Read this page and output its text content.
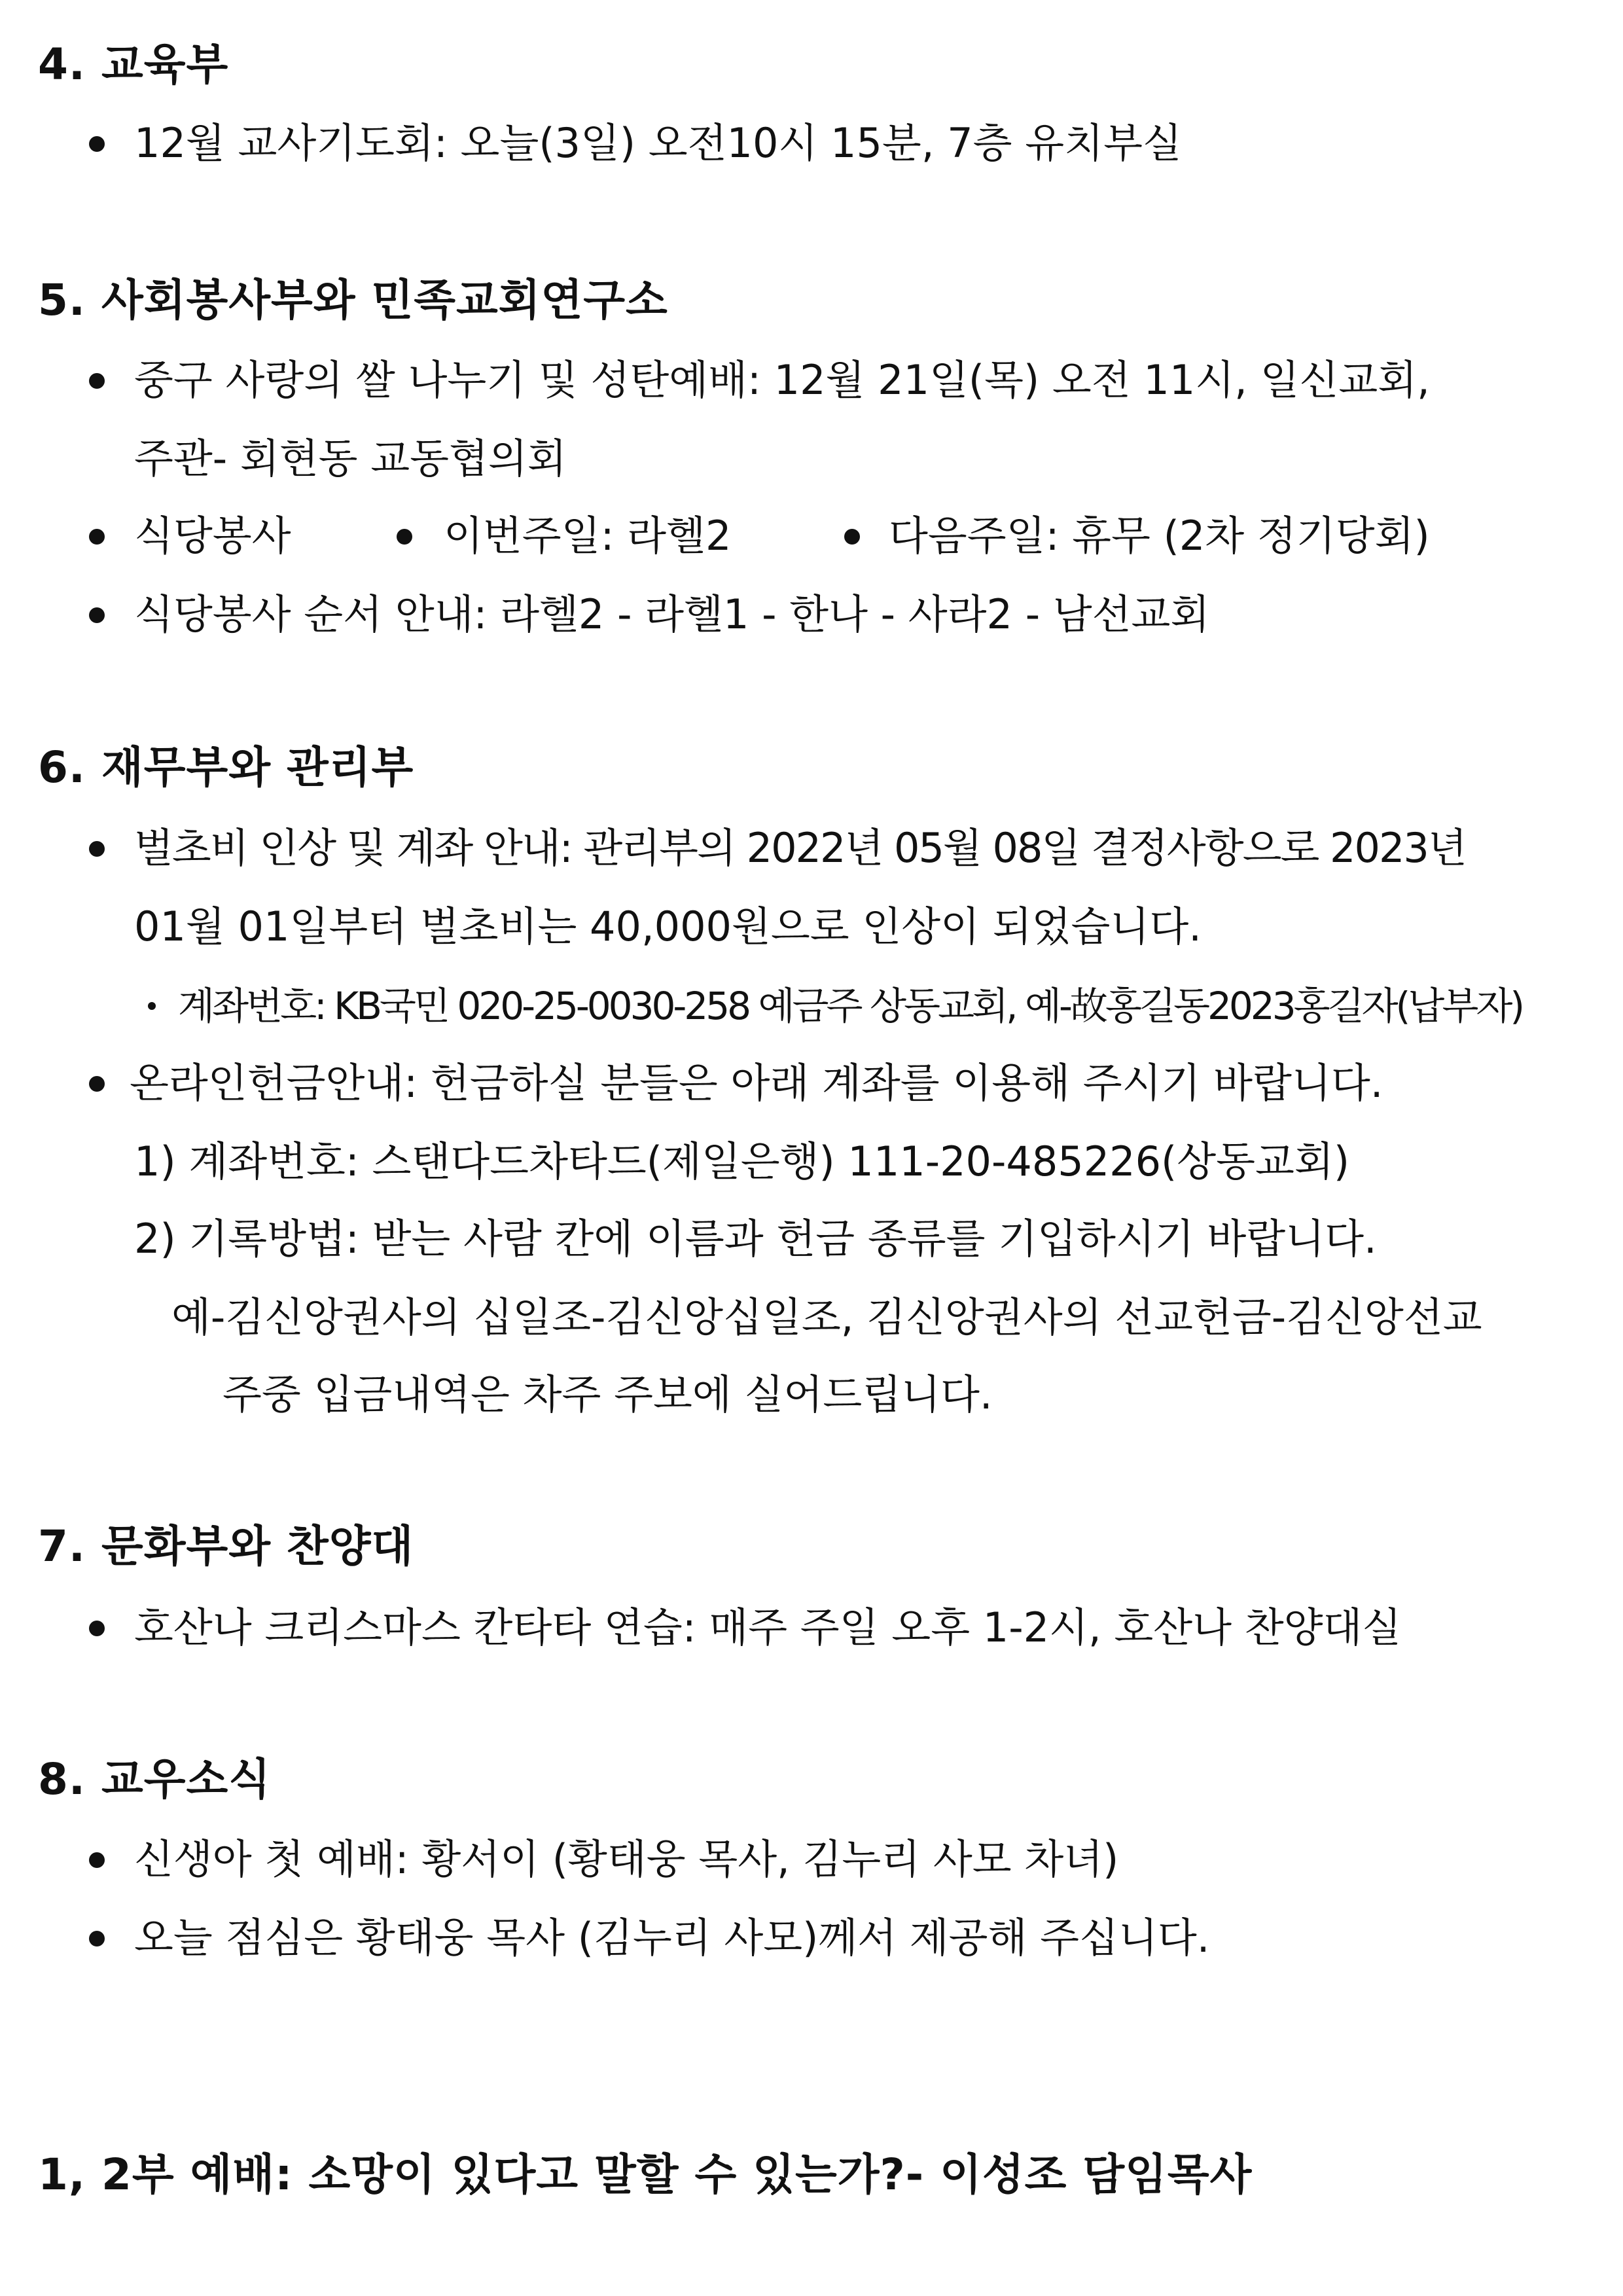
4. 교육부

12월 교사기도회: 오늘(3일) 오전10시 15분, 7층 유치부실

5. 사회봉사부와 민족교회연구소

중구 사랑의 쌀 나누기 및 성탄예배: 12월 21일(목) 오전 11시, 일신교회,

주관- 회현동 교동협의회

식당봉사	이번주일: 라헬2	다음주일: 휴무 (2차 정기당회)

식당봉사 순서 안내: 라헬2 - 라헬1 - 한나 - 사라2 - 남선교회

6. 재무부와 관리부

벌초비 인상 및 계좌 안내: 관리부의 2022년 05월 08일 결정사항으로 2023년

01월 01일부터 벌초비는 40,000원으로 인상이 되었습니다.

계좌번호: KB국민 020-25-0030-258 예금주 상동교회, 예-故홍길동2023홍길자(납부자)

온라인헌금안내: 헌금하실 분들은 아래 계좌를 이용해 주시기 바랍니다.

1) 계좌번호: 스탠다드차타드(제일은행) 111-20-485226(상동교회)

2) 기록방법: 받는 사람 칸에 이름과 헌금 종류를 기입하시기 바랍니다.

예-김신앙권사의 십일조-김신앙십일조, 김신앙권사의 선교헌금-김신앙선교

주중 입금내역은 차주 주보에 실어드립니다.

7. 문화부와 찬양대

호산나 크리스마스 칸타타 연습: 매주 주일 오후 1-2시, 호산나 찬양대실

8. 교우소식

신생아 첫 예배: 황서이 (황태웅 목사, 김누리 사모 차녀)

오늘 점심은 황태웅 목사 (김누리 사모)께서 제공해 주십니다.

1, 2부 예배: 소망이 있다고 말할 수 있는가?- 이성조 담임목사
